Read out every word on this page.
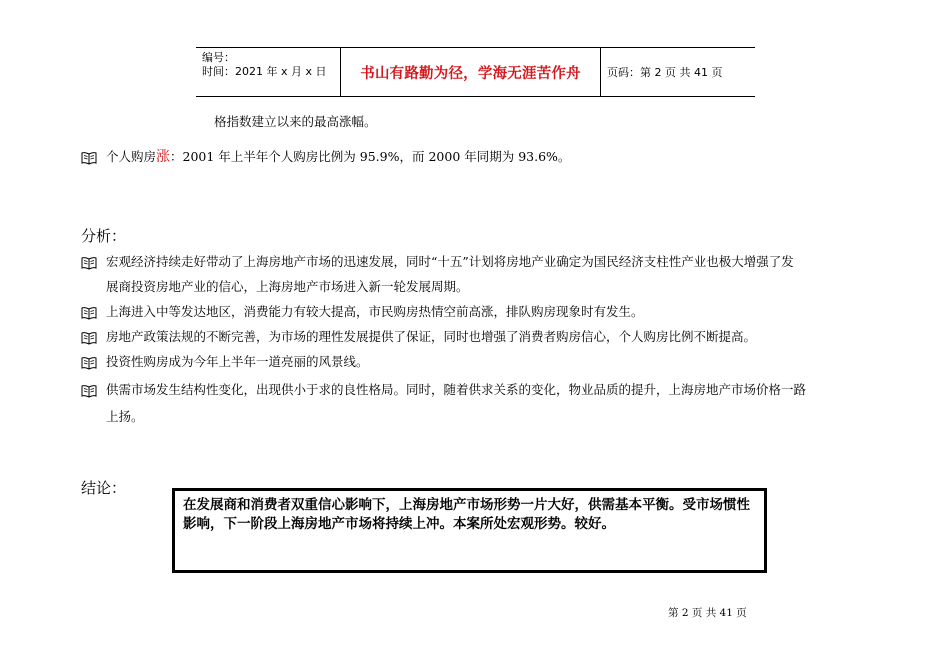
编号：
时间：2021 年 x 月 x 日	书山有路勤为径，学海无涯苦作舟	页码：第 2 页 共 41 页
格指数建立以来的最高涨幅。
个人购房涨：2001 年上半年个人购房比例为 95.9%，而 2000 年同期为 93.6%。
分析：
宏观经济持续走好带动了上海房地产市场的迅速发展，同时“十五”计划将房地产业确定为国民经济支柱性产业也极大增强了发
展商投资房地产业的信心，上海房地产市场进入新一轮发展周期。
上海进入中等发达地区，消费能力有较大提高，市民购房热情空前高涨，排队购房现象时有发生。
房地产政策法规的不断完善，为市场的理性发展提供了保证，同时也增强了消费者购房信心，个人购房比例不断提高。
投资性购房成为今年上半年一道亮丽的风景线。
供需市场发生结构性变化，出现供小于求的良性格局。同时，随着供求关系的变化，物业品质的提升，上海房地产市场价格一路
上扬。
结论：
在发展商和消费者双重信心影响下，上海房地产市场形势一片大好，供需基本平衡。受市场惯性影响，下一阶段上海房地产市场将持续上冲。本案所处宏观形势。较好。
第 2 页 共 41 页
